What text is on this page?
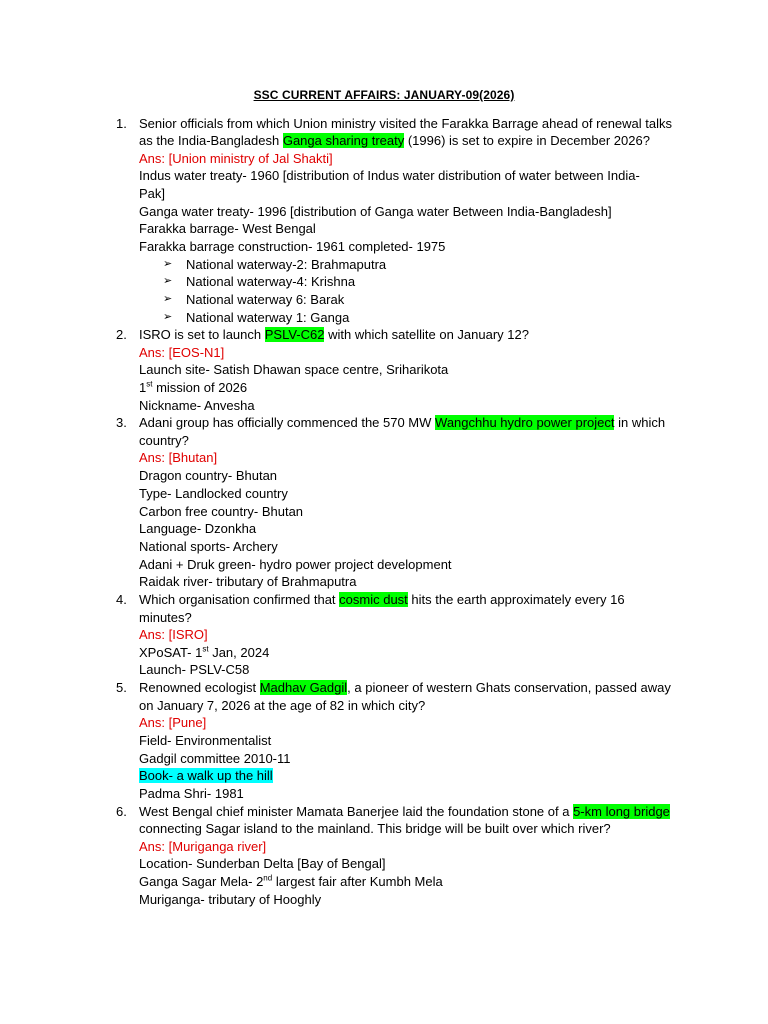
SSC CURRENT AFFAIRS: JANUARY-09(2026)
1. Senior officials from which Union ministry visited the Farakka Barrage ahead of renewal talks
as the India-Bangladesh Ganga sharing treaty (1996) is set to expire in December 2026?
Ans: [Union ministry of Jal Shakti]
Indus water treaty- 1960 [distribution of Indus water distribution of water between India-
Pak]
Ganga water treaty- 1996 [distribution of Ganga water Between India-Bangladesh]
Farakka barrage- West Bengal
Farakka barrage construction- 1961 completed- 1975
➢ National waterway-2: Brahmaputra
➢ National waterway-4: Krishna
➢ National waterway 6: Barak
➢ National waterway 1: Ganga
2. ISRO is set to launch PSLV-C62 with which satellite on January 12?
Ans: [EOS-N1]
Launch site- Satish Dhawan space centre, Sriharikota
1st mission of 2026
Nickname- Anvesha
3. Adani group has officially commenced the 570 MW Wangchhu hydro power project in which
country?
Ans: [Bhutan]
Dragon country- Bhutan
Type- Landlocked country
Carbon free country- Bhutan
Language- Dzonkha
National sports- Archery
Adani + Druk green- hydro power project development
Raidak river- tributary of Brahmaputra
4. Which organisation confirmed that cosmic dust hits the earth approximately every 16
minutes?
Ans: [ISRO]
XPoSAT- 1st Jan, 2024
Launch- PSLV-C58
5. Renowned ecologist Madhav Gadgil, a pioneer of western Ghats conservation, passed away
on January 7, 2026 at the age of 82 in which city?
Ans: [Pune]
Field- Environmentalist
Gadgil committee 2010-11
Book- a walk up the hill
Padma Shri- 1981
6. West Bengal chief minister Mamata Banerjee laid the foundation stone of a 5-km long bridge
connecting Sagar island to the mainland. This bridge will be built over which river?
Ans: [Muriganga river]
Location- Sunderban Delta [Bay of Bengal]
Ganga Sagar Mela- 2nd largest fair after Kumbh Mela
Muriganga- tributary of Hooghly
